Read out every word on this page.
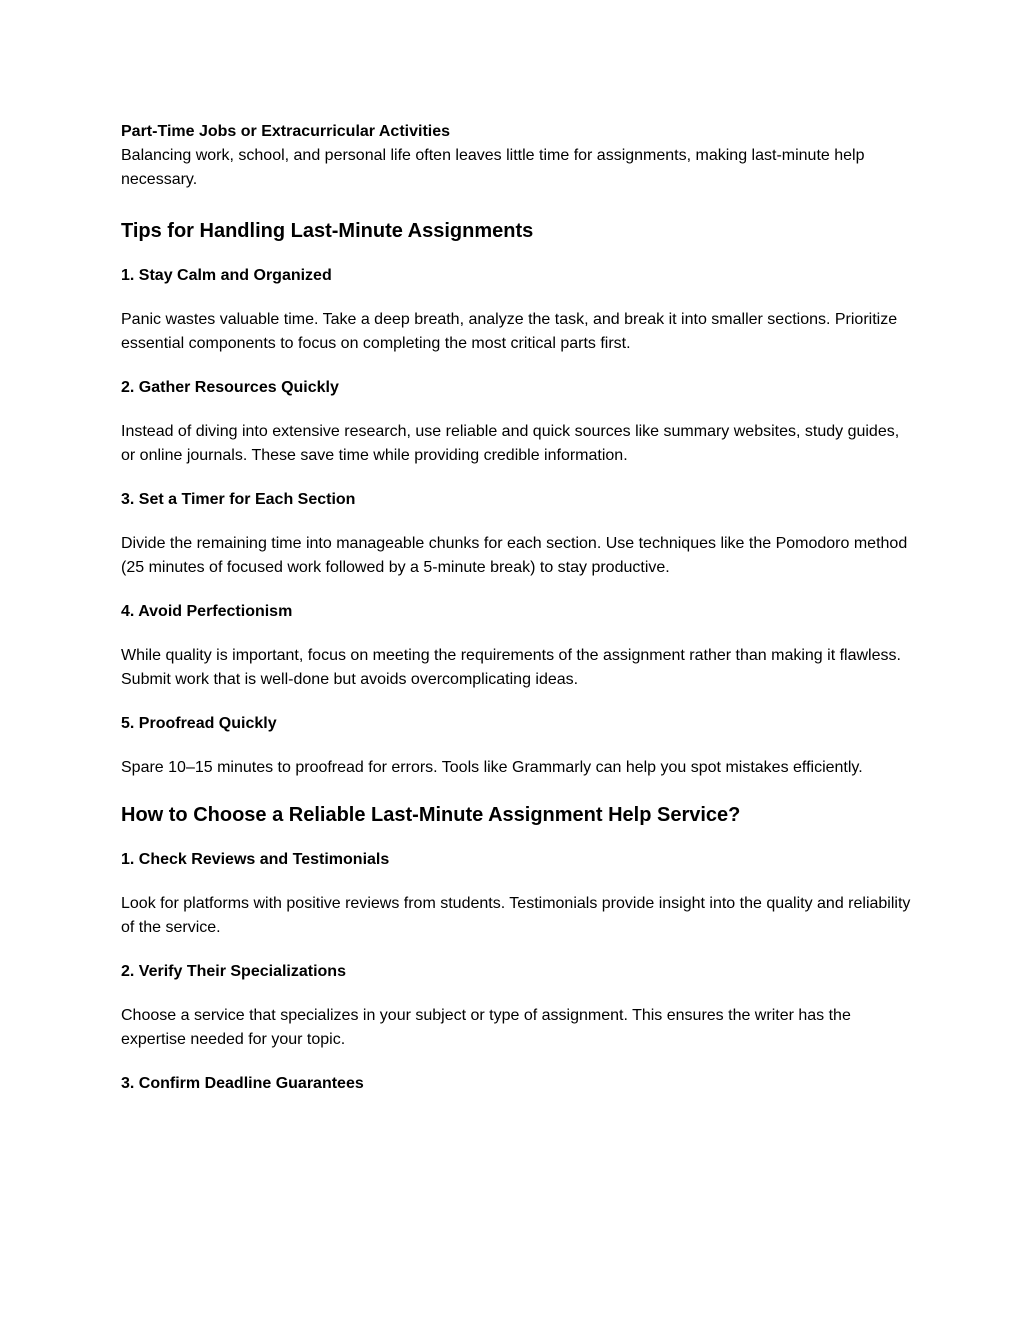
Part-Time Jobs or Extracurricular Activities

Balancing work, school, and personal life often leaves little time for assignments, making last-minute help necessary.

Tips for Handling Last-Minute Assignments

1. Stay Calm and Organized

Panic wastes valuable time. Take a deep breath, analyze the task, and break it into smaller sections. Prioritize essential components to focus on completing the most critical parts first.

2. Gather Resources Quickly

Instead of diving into extensive research, use reliable and quick sources like summary websites, study guides, or online journals. These save time while providing credible information.

3. Set a Timer for Each Section

Divide the remaining time into manageable chunks for each section. Use techniques like the Pomodoro method (25 minutes of focused work followed by a 5-minute break) to stay productive.

4. Avoid Perfectionism

While quality is important, focus on meeting the requirements of the assignment rather than making it flawless. Submit work that is well-done but avoids overcomplicating ideas.

5. Proofread Quickly

Spare 10–15 minutes to proofread for errors. Tools like Grammarly can help you spot mistakes efficiently.

How to Choose a Reliable Last-Minute Assignment Help Service?

1. Check Reviews and Testimonials

Look for platforms with positive reviews from students. Testimonials provide insight into the quality and reliability of the service.

2. Verify Their Specializations

Choose a service that specializes in your subject or type of assignment. This ensures the writer has the expertise needed for your topic.

3. Confirm Deadline Guarantees
